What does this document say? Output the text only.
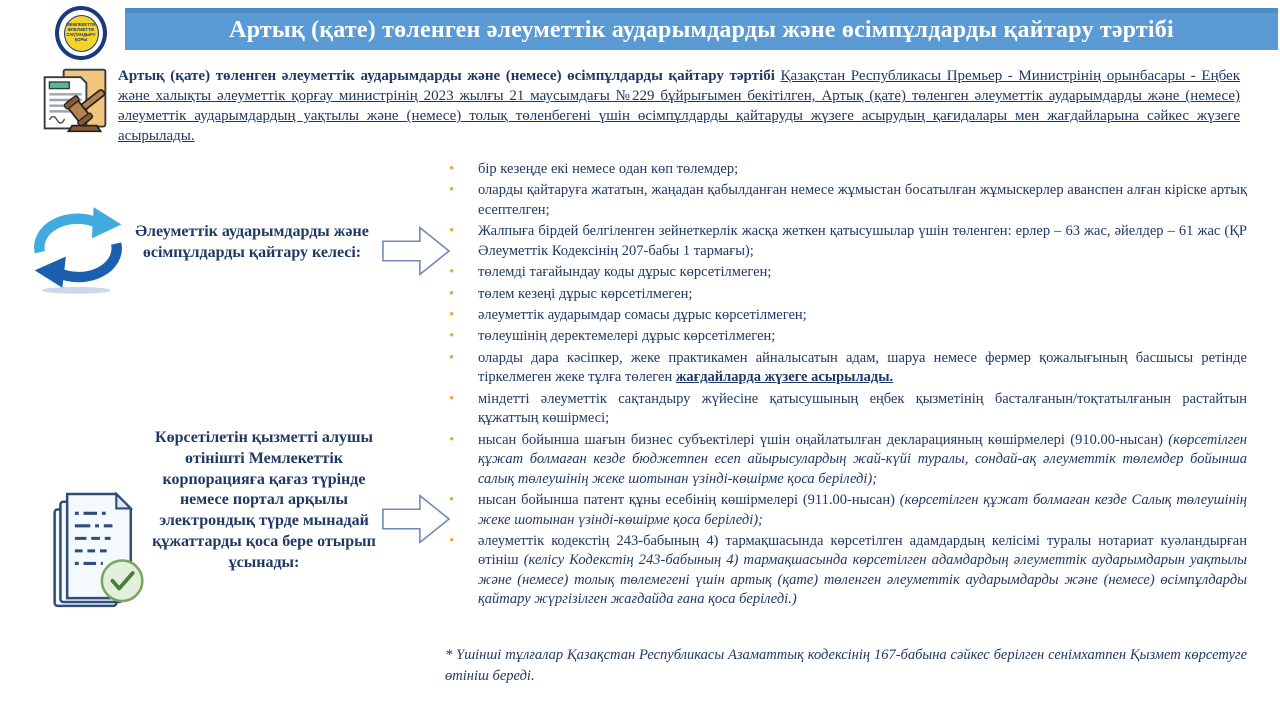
МЕМЛЕКЕТТІК
ӘЛЕУМЕТТІК
САҚТАНДЫРУ
ҚОРЫ	Артық (қате) төленген әлеуметтік аударымдарды және өсімпұлдарды қайтару тәртібі

Артық (қате) төленген әлеуметтік аударымдарды және (немесе) өсімпұлдарды қайтару тәртібі Қазақстан Республикасы Премьер - Министрінің орынбасары - Еңбек және халықты әлеуметтік қорғау министрінің 2023 жылғы 21 маусымдағы №229 бұйрығымен бекітілген, Артық (қате) төленген әлеуметтік аударымдарды және (немесе) әлеуметтік аударымдардың уақтылы және (немесе) толық төленбегені үшін өсімпұлдарды қайтаруды жүзеге асырудың қағидалары мен жағдайларына сәйкес жүзеге асырылады.

Әлеуметтік аударымдарды және өсімпұлдарды қайтару келесі:
• бір кезеңде екі немесе одан көп төлемдер;
• оларды қайтаруға жататын, жаңадан қабылданған немесе жұмыстан босатылған жұмыскерлер аванспен алған кіріске артық есептелген;
• Жалпыға бірдей белгіленген зейнеткерлік жасқа жеткен қатысушылар үшін төленген: ерлер – 63 жас, әйелдер – 61 жас (ҚР Әлеуметтік Кодексінің 207-бабы 1 тармағы);
• төлемді тағайындау коды дұрыс көрсетілмеген;
• төлем кезеңі дұрыс көрсетілмеген;
• әлеуметтік аударымдар сомасы дұрыс көрсетілмеген;
• төлеушінің деректемелері дұрыс көрсетілмеген;
• оларды дара кәсіпкер, жеке практикамен айналысатын адам, шаруа немесе фермер қожалығының басшысы ретінде тіркелмеген жеке тұлға төлеген жағдайларда жүзеге асырылады.
Көрсетілетін қызметті алушы өтінішті Мемлекеттік корпорацияға қағаз түрінде немесе портал арқылы электрондық түрде мынадай құжаттарды қоса бере отырып ұсынады:
• міндетті әлеуметтік сақтандыру жүйесіне қатысушының еңбек қызметінің басталғанын/тоқтатылғанын растайтын құжаттың көшірмесі;
• нысан бойынша шағын бизнес субъектілері үшін оңайлатылған декларацияның көшірмелері (910.00-нысан) (көрсетілген құжат болмаған кезде бюджетпен есеп айырысулардың жай-күйі туралы, сондай-ақ әлеуметтік төлемдер бойынша салық төлеушінің жеке шотынан үзінді-көшірме қоса беріледі);
• нысан бойынша патент құны есебінің көшірмелері (911.00-нысан) (көрсетілген құжат болмаған кезде Салық төлеушінің жеке шотынан үзінді-көшірме қоса беріледі);
• әлеуметтік кодекстің 243-бабының 4) тармақшасында көрсетілген адамдардың келісімі туралы нотариат куәландырған өтініш (келісу Кодекстің 243-бабының 4) тармақшасында көрсетілген адамдардың әлеуметтік аударымдарын уақтылы және (немесе) толық төлемегені үшін артық (қате) төленген әлеуметтік аударымдарды және (немесе) өсімпұлдарды қайтару жүргізілген жағдайда ғана қоса беріледі.)

* Үшінші тұлғалар Қазақстан Республикасы Азаматтық кодексінің 167-бабына сәйкес берілген сенімхатпен Қызмет көрсетуге өтініш береді.
